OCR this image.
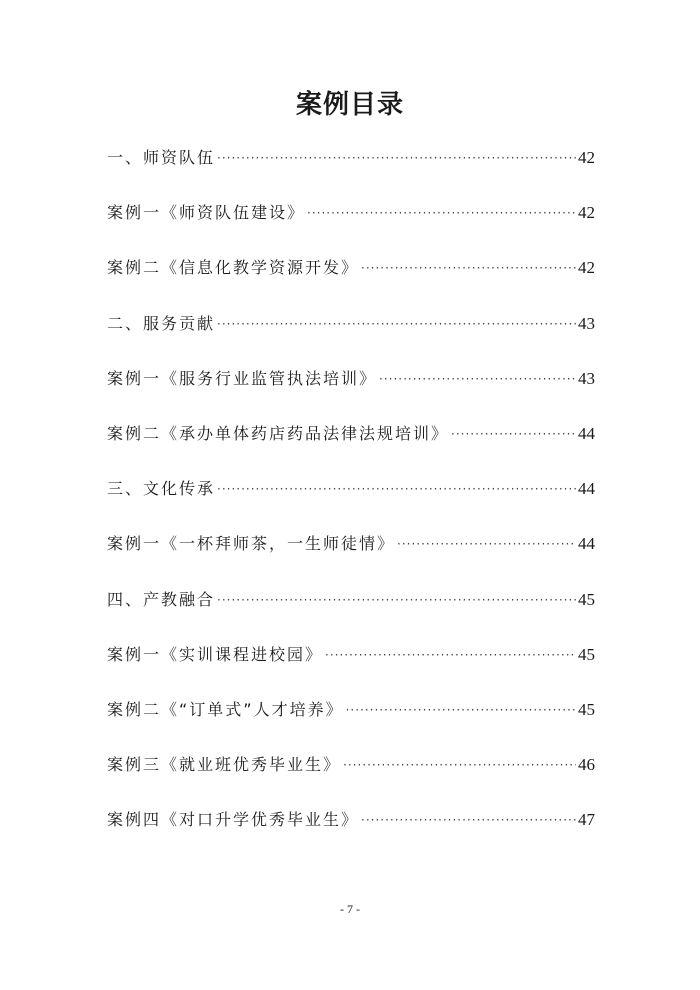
案例目录
一、师资队伍 ·····	42
案例一《师资队伍建设》 ·····	42
案例二《信息化教学资源开发》 ·····	42
二、服务贡献 ·····	43
案例一《服务行业监管执法培训》 ·····	43
案例二《承办单体药店药品法律法规培训》 ·····	44
三、文化传承 ·····	44
案例一《一杯拜师茶，一生师徒情》 ·····	44
四、产教融合 ·····	45
案例一《实训课程进校园》 ·····	45
案例二《“订单式”人才培养》 ·····	45
案例三《就业班优秀毕业生》 ·····	46
案例四《对口升学优秀毕业生》 ·····	47
- 7 -
